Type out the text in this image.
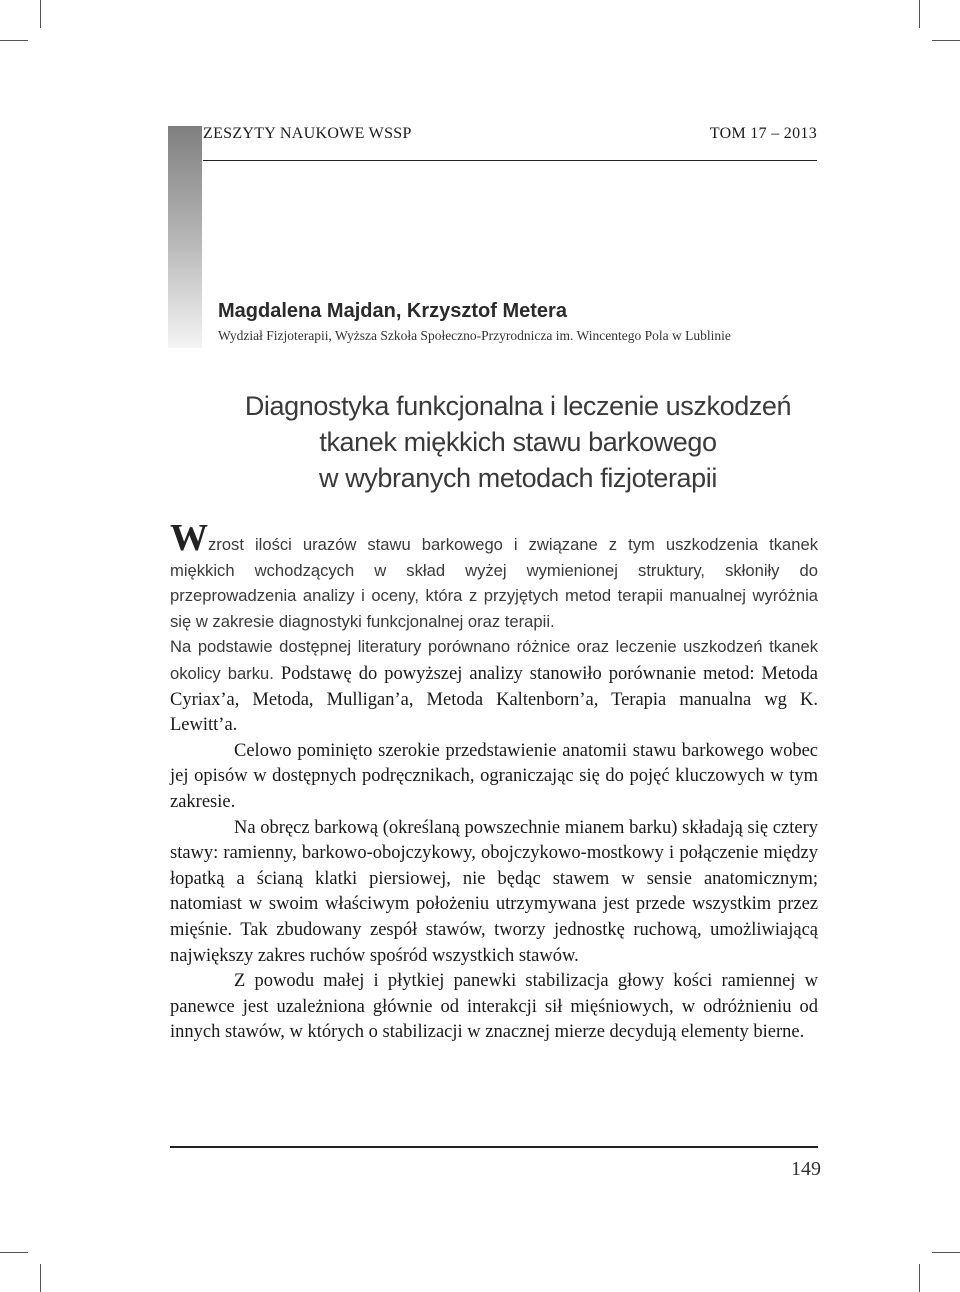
ZESZYTY NAUKOWE WSSP	TOM 17 – 2013
Magdalena Majdan, Krzysztof Metera
Wydział Fizjoterapii, Wyższa Szkoła Społeczno-Przyrodnicza im. Wincentego Pola w Lublinie
Diagnostyka funkcjonalna i leczenie uszkodzeń
tkanek miękkich stawu barkowego
w wybranych metodach fizjoterapii

Wzrost ilości urazów stawu barkowego i związane z tym uszkodzenia tkanek miękkich wchodzących w skład wyżej wymienionej struktury, skłoniły do przeprowadzenia analizy i oceny, która z przyjętych metod terapii manualnej wyróżnia się w zakresie diagnostyki funkcjonalnej oraz terapii.

Na podstawie dostępnej literatury porównano różnice oraz leczenie uszkodzeń tkanek okolicy barku. Podstawę do powyższej analizy stanowiło porównanie metod: Metoda Cyriax’a, Metoda, Mulligan’a, Metoda Kaltenborn’a, Terapia manualna wg K. Lewitt’a.

Celowo pominięto szerokie przedstawienie anatomii stawu barkowego wobec jej opisów w dostępnych podręcznikach, ograniczając się do pojęć kluczowych w tym zakresie.

Na obręcz barkową (określaną powszechnie mianem barku) składają się cztery stawy: ramienny, barkowo-obojczykowy, obojczykowo-mostkowy i połączenie między łopatką a ścianą klatki piersiowej, nie będąc stawem w sensie anatomicznym; natomiast w swoim właściwym położeniu utrzymywana jest przede wszystkim przez mięśnie. Tak zbudowany zespół stawów, tworzy jednostkę ruchową, umożliwiającą największy zakres ruchów spośród wszystkich stawów.

Z powodu małej i płytkiej panewki stabilizacja głowy kości ramiennej w panewce jest uzależniona głównie od interakcji sił mięśniowych, w odróżnieniu od innych stawów, w których o stabilizacji w znacznej mierze decydują elementy bierne.

149
